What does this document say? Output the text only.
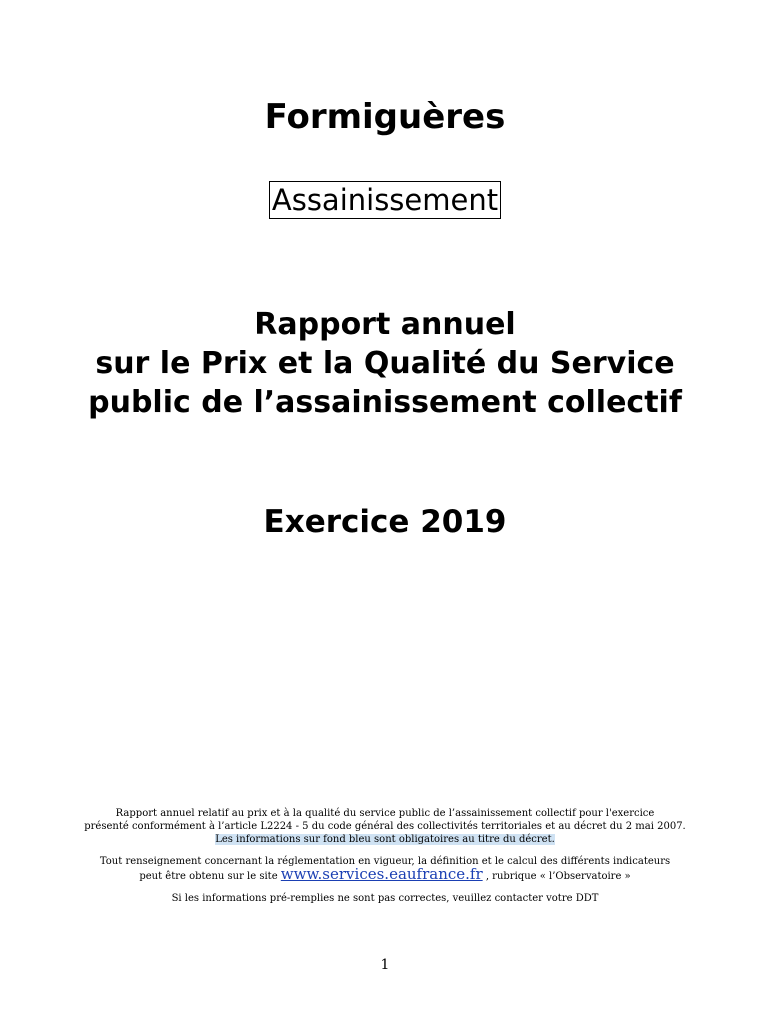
Formiguères
Assainissement
Rapport annuel
sur le Prix et la Qualité du Service
public de l’assainissement collectif
Exercice 2019
Rapport annuel relatif au prix et à la qualité du service public de l’assainissement collectif pour l'exercice
présenté conformément à l’article L2224 - 5 du code général des collectivités territoriales et au décret du 2 mai 2007.
Les informations sur fond bleu sont obligatoires au titre du décret.
Tout renseignement concernant la réglementation en vigueur, la définition et le calcul des différents indicateurs
peut être obtenu sur le site www.services.eaufrance.fr , rubrique « l’Observatoire »
Si les informations pré-remplies ne sont pas correctes, veuillez contacter votre DDT
1
